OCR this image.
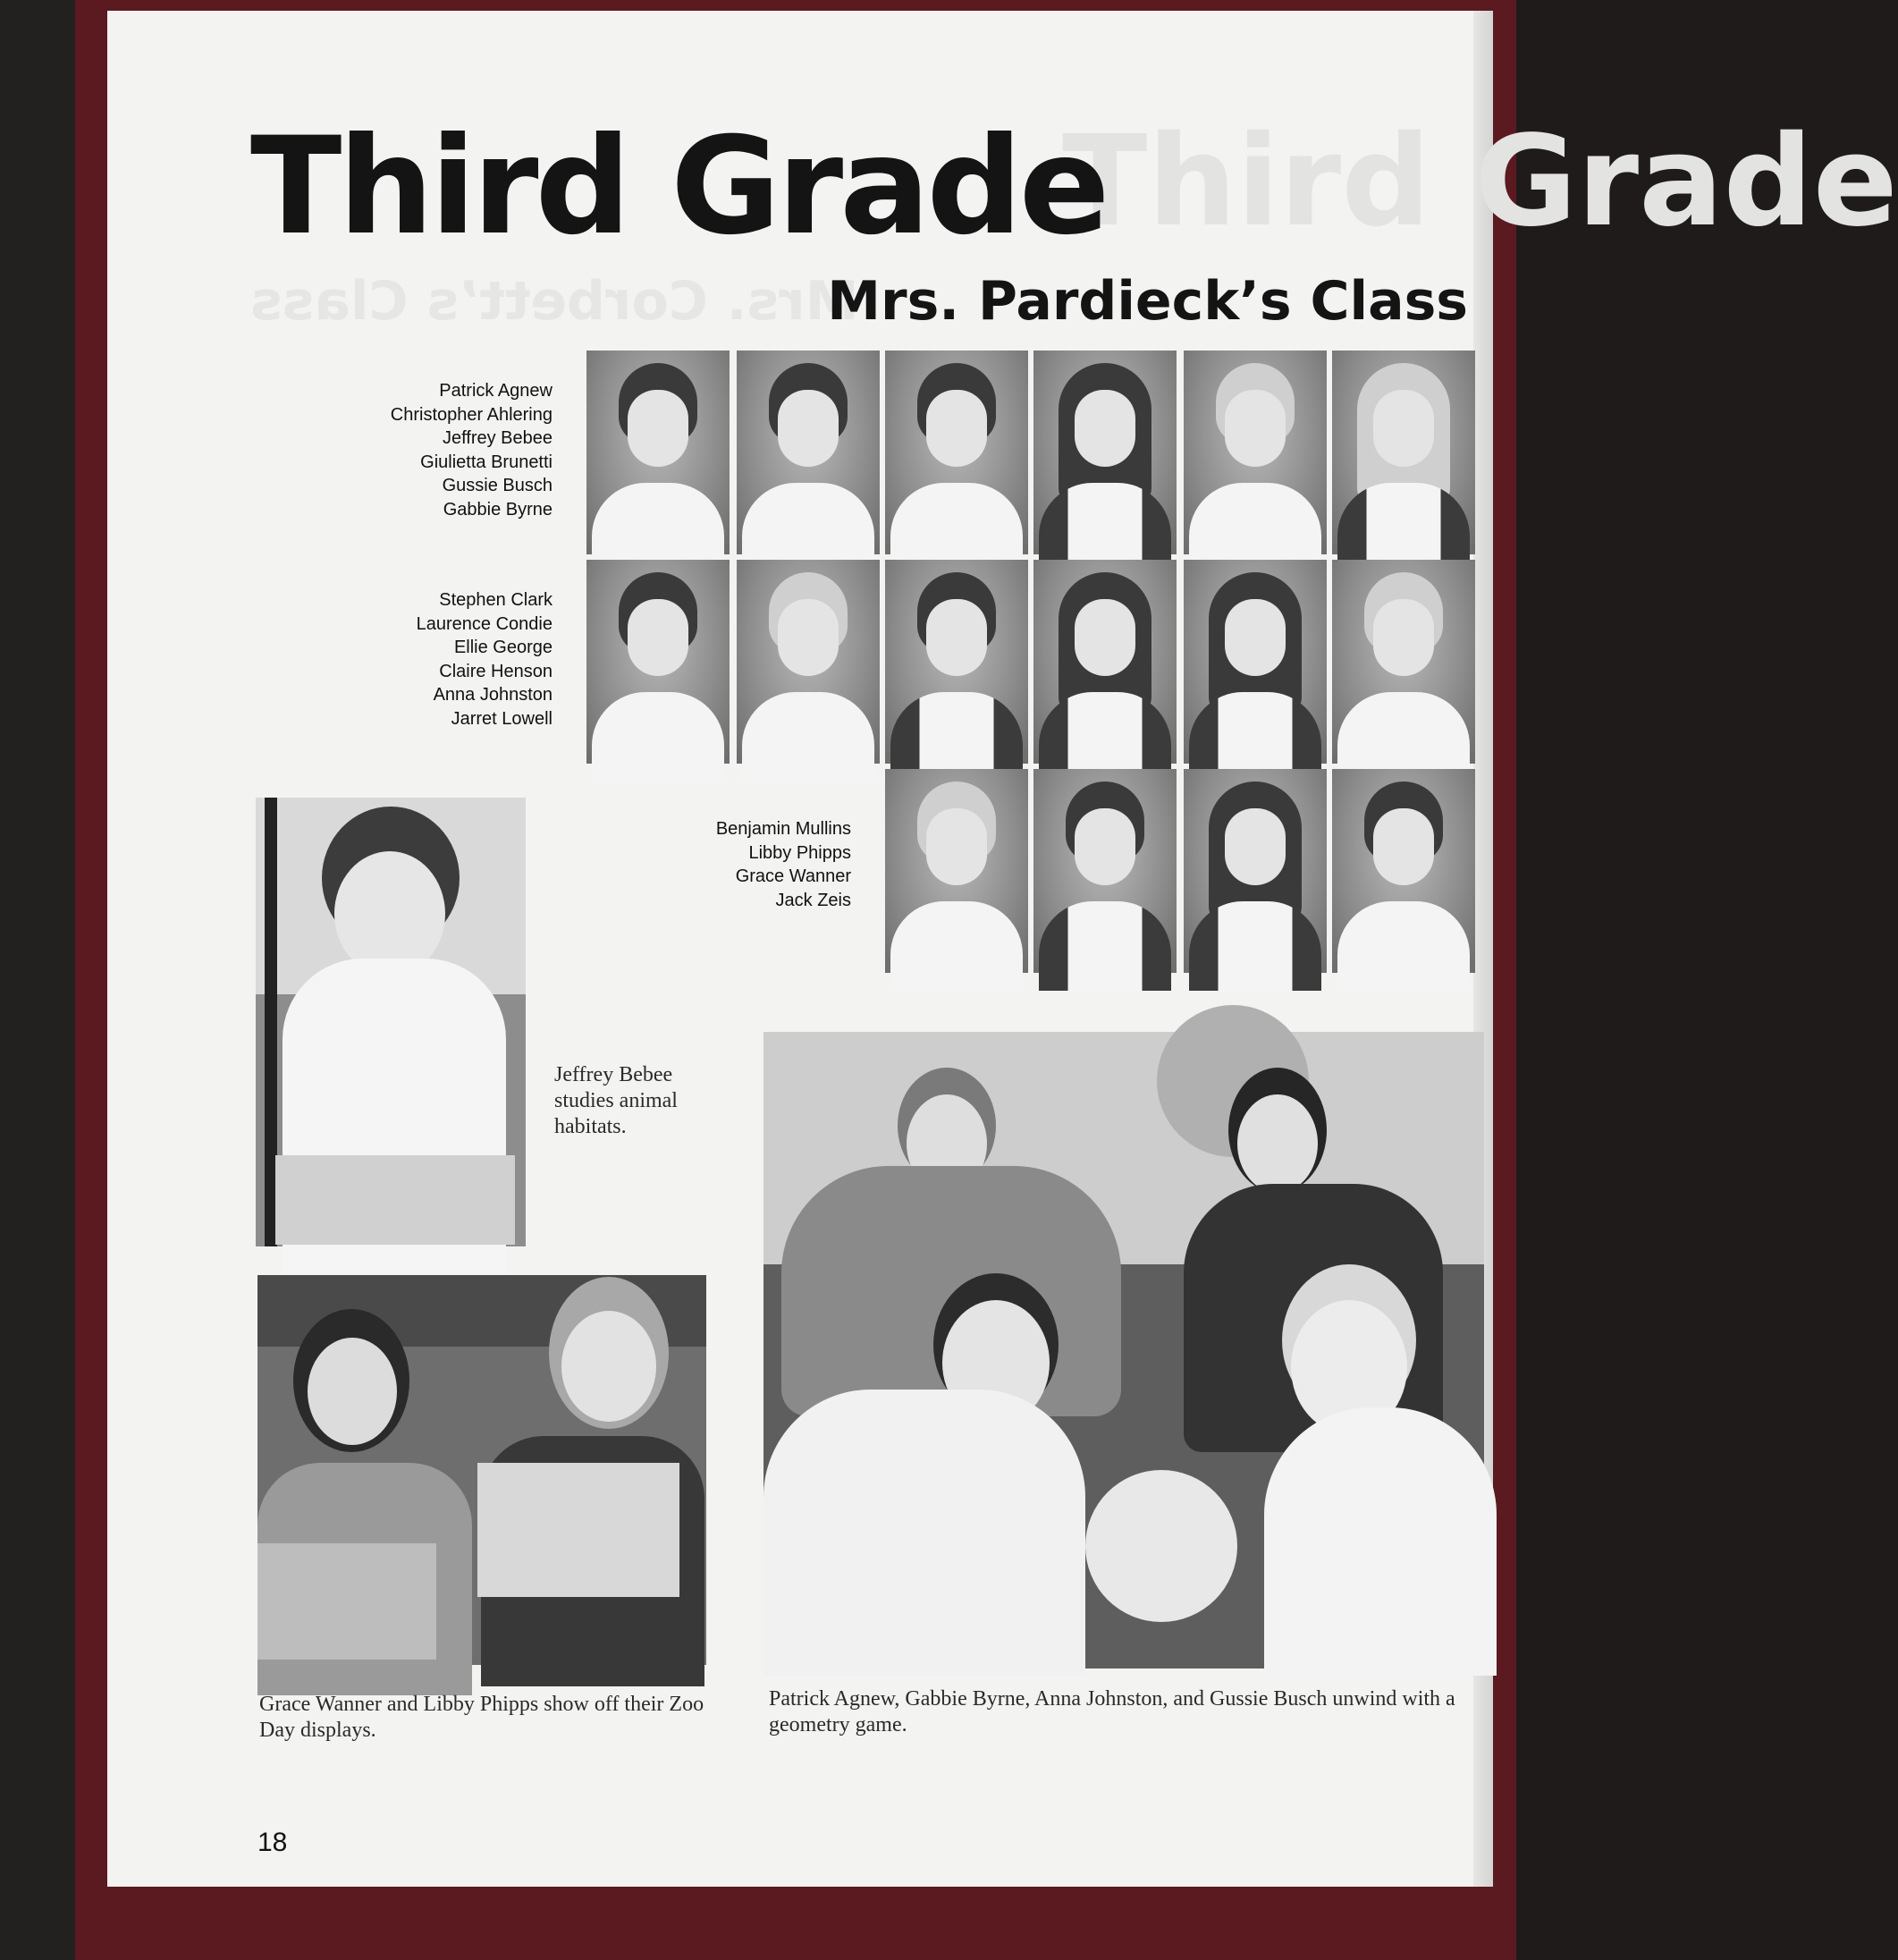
Third Grade
Mrs. Corbett’s Class
Third Grade
Mrs. Pardieck’s Class
Patrick Agnew
Christopher Ahlering
Jeffrey Bebee
Giulietta Brunetti
Gussie Busch
Gabbie Byrne
Stephen Clark
Laurence Condie
Ellie George
Claire Henson
Anna Johnston
Jarret Lowell
Benjamin Mullins
Libby Phipps
Grace Wanner
Jack Zeis
Jeffrey Bebee studies animal habitats.
Grace Wanner and Libby Phipps show off their Zoo Day displays.
Patrick Agnew, Gabbie Byrne, Anna Johnston, and Gussie Busch unwind with a geometry game.
18
